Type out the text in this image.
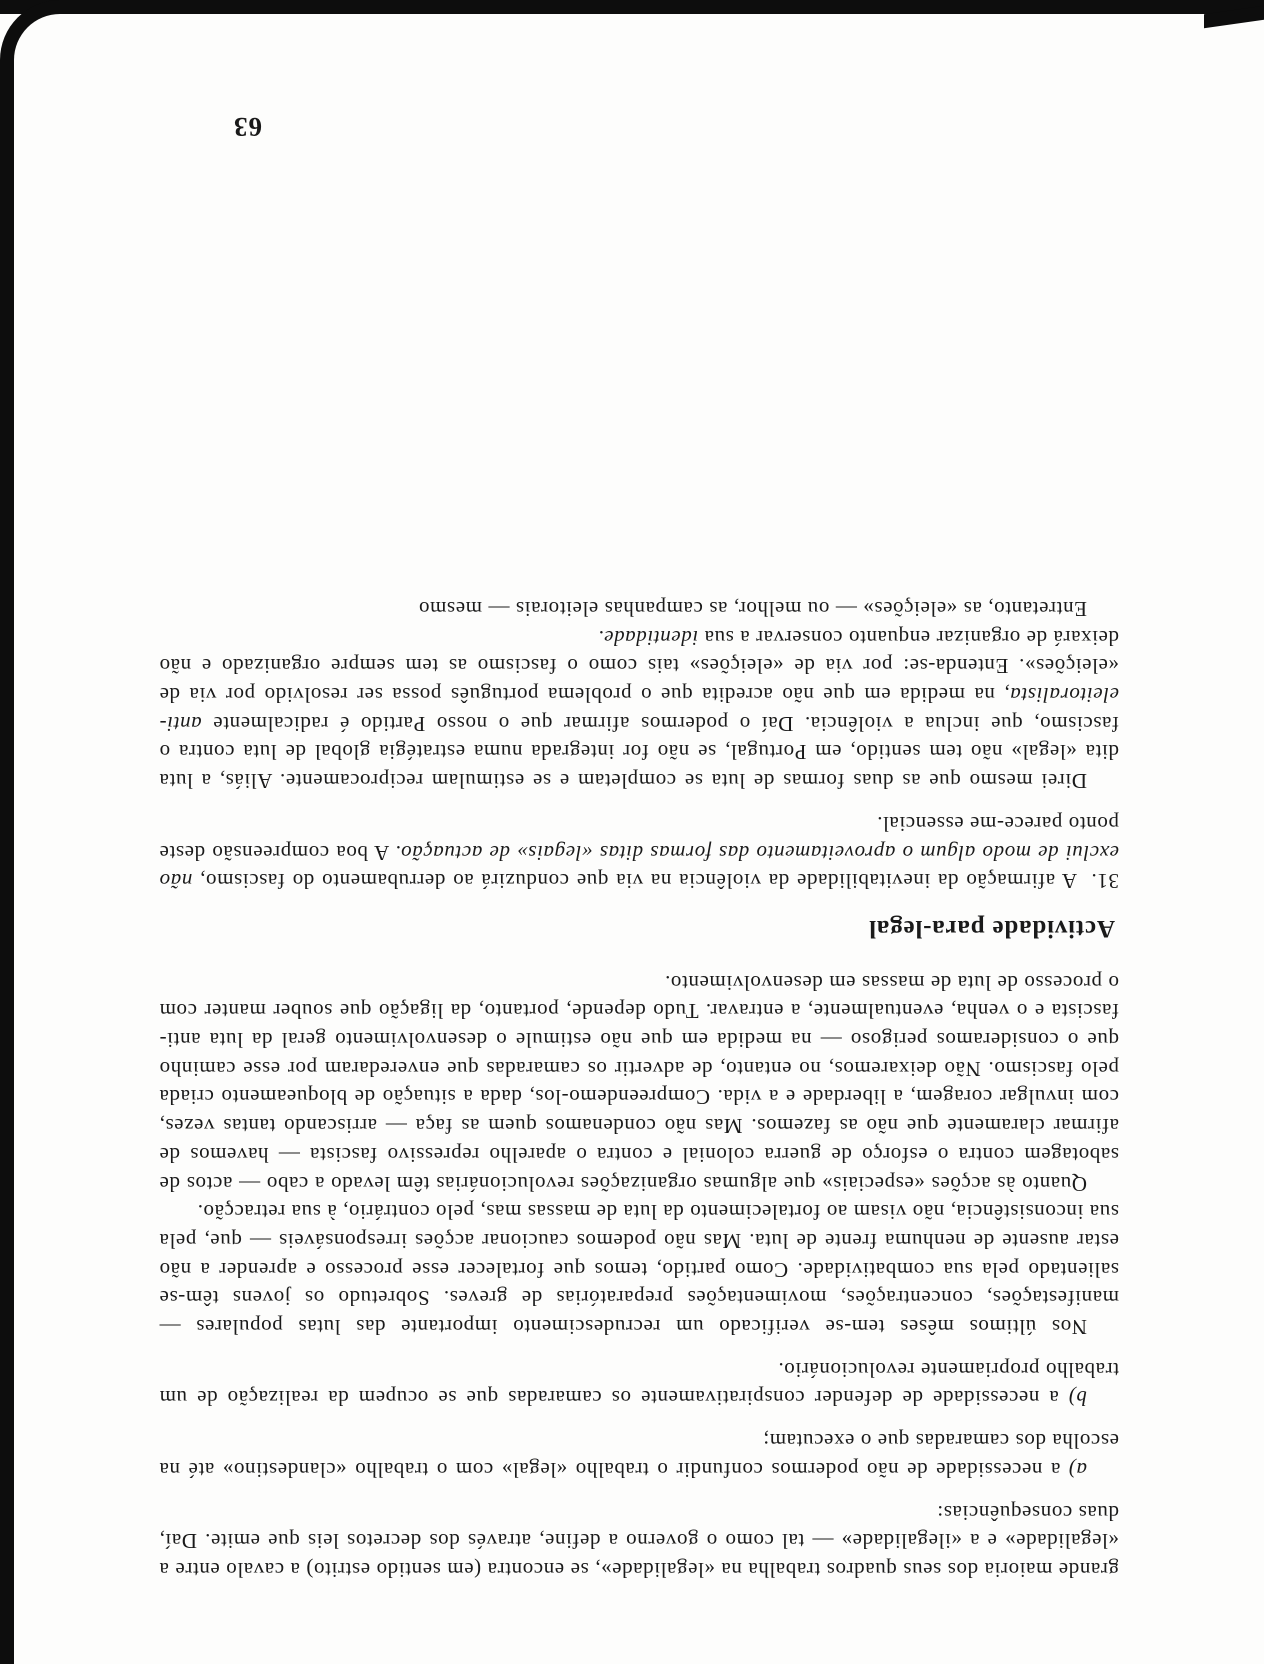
grande maioria dos seus quadros trabalha na «legalidade», se encontra (em sentido estrito) a cavalo entre a «legalidade» e a «ilegalidade» — tal como o governo a define, através dos decretos leis que emite. Daí, duas consequências:

a) a necessidade de não podermos confundir o trabalho «legal» com o trabalho «clandestino» até na escolha dos camaradas que o executam;

b) a necessidade de defender conspirativamente os camaradas que se ocupem da realização de um trabalho propriamente revolucionário.

Nos últimos mêses tem-se verificado um recrudescimento importante das lutas populares — manifestações, concentrações, movimentações preparatórias de greves. Sobretudo os jovens têm-se salientado pela sua combatividade. Como partido, temos que fortalecer esse processo e aprender a não estar ausente de nenhuma frente de luta. Mas não podemos caucionar acções irresponsáveis — que, pela sua inconsistência, não visam ao fortalecimento da luta de massas mas, pelo contrário, à sua retracção.

Quanto às acções «especiais» que algumas organizações revolucionárias têm levado a cabo — actos de sabotagem contra o esforço de guerra colonial e contra o aparelho repressivo fascista — havemos de afirmar claramente que não as fazemos. Mas não condenamos quem as faça — arriscando tantas vezes, com invulgar coragem, a liberdade e a vida. Compreendemo-los, dada a situação de bloqueamento criada pelo fascismo. Não deixaremos, no entanto, de advertir os camaradas que enveredaram por esse caminho que o consideramos perigoso — na medida em que não estimule o desenvolvimento geral da luta anti-fascista e o venha, eventualmente, a entravar. Tudo depende, portanto, da ligação que souber manter com o processo de luta de massas em desenvolvimento.

Actividade para-legal

31.A afirmação da inevitabilidade da violência na via que conduzirá ao derrubamento do fascismo, não exclui de modo algum o aproveitamento das formas ditas «legais» de actuação. A boa compreensão deste ponto parece-me essencial.

Direi mesmo que as duas formas de luta se completam e se estimulam reciprocamente. Aliás, a luta dita «legal» não tem sentido, em Portugal, se não for integrada numa estratégia global de luta contra o fascismo, que inclua a violência. Daí o podermos afirmar que o nosso Partido é radicalmente anti-eleitoralista, na medida em que não acredita que o problema português possa ser resolvido por via de «eleições». Entenda-se: por via de «eleições» tais como o fascismo as tem sempre organizado e não deixará de organizar enquanto conservar a sua identidade.

Entretanto, as «eleições» — ou melhor, as campanhas eleitorais — mesmo

63
